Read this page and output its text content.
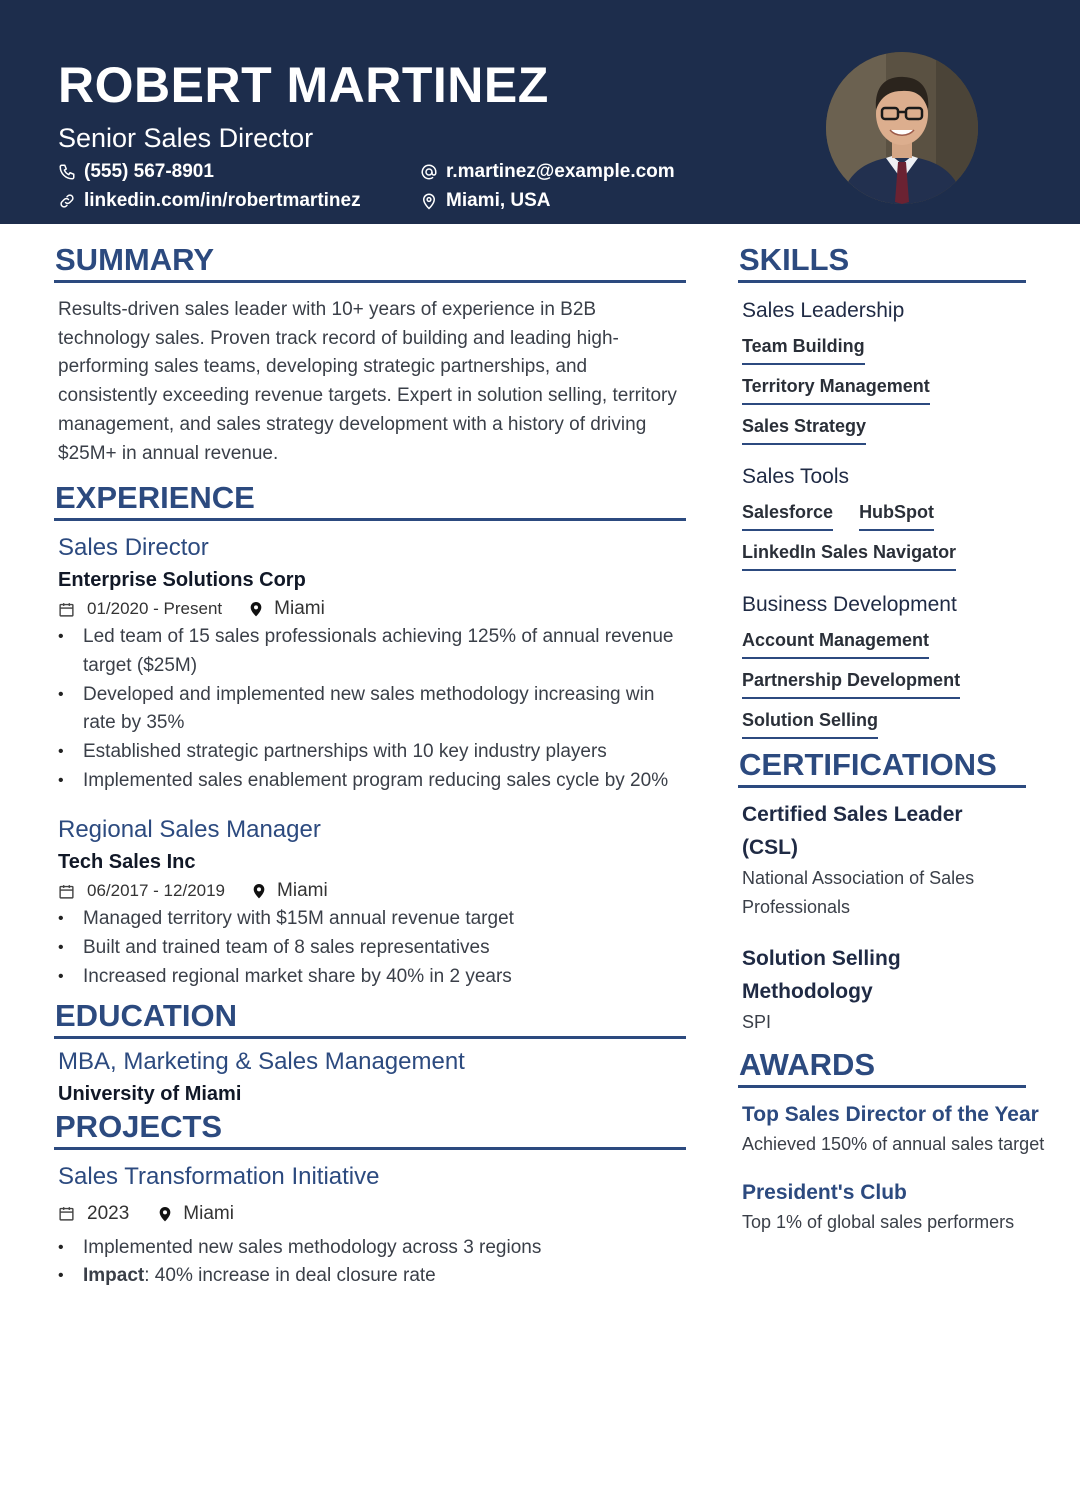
ROBERT MARTINEZ
Senior Sales Director
(555) 567-8901
linkedin.com/in/robertmartinez
r.martinez@example.com
Miami, USA
SUMMARY
Results-driven sales leader with 10+ years of experience in B2B technology sales. Proven track record of building and leading high-performing sales teams, developing strategic partnerships, and consistently exceeding revenue targets. Expert in solution selling, territory management, and sales strategy development with a history of driving $25M+ in annual revenue.
EXPERIENCE
Sales Director
Enterprise Solutions Corp
01/2020 - Present	Miami
• Led team of 15 sales professionals achieving 125% of annual revenue target ($25M)
• Developed and implemented new sales methodology increasing win rate by 35%
• Established strategic partnerships with 10 key industry players
• Implemented sales enablement program reducing sales cycle by 20%
Regional Sales Manager
Tech Sales Inc
06/2017 - 12/2019	Miami
• Managed territory with $15M annual revenue target
• Built and trained team of 8 sales representatives
• Increased regional market share by 40% in 2 years
EDUCATION
MBA, Marketing & Sales Management
University of Miami
PROJECTS
Sales Transformation Initiative
2023	Miami
• Implemented new sales methodology across 3 regions
• Impact: 40% increase in deal closure rate
SKILLS
Sales Leadership
Team Building
Territory Management
Sales Strategy
Sales Tools
Salesforce HubSpot
LinkedIn Sales Navigator
Business Development
Account Management
Partnership Development
Solution Selling
CERTIFICATIONS
Certified Sales Leader (CSL)
National Association of Sales Professionals
Solution Selling Methodology
SPI
AWARDS
Top Sales Director of the Year
Achieved 150% of annual sales target
President's Club
Top 1% of global sales performers
